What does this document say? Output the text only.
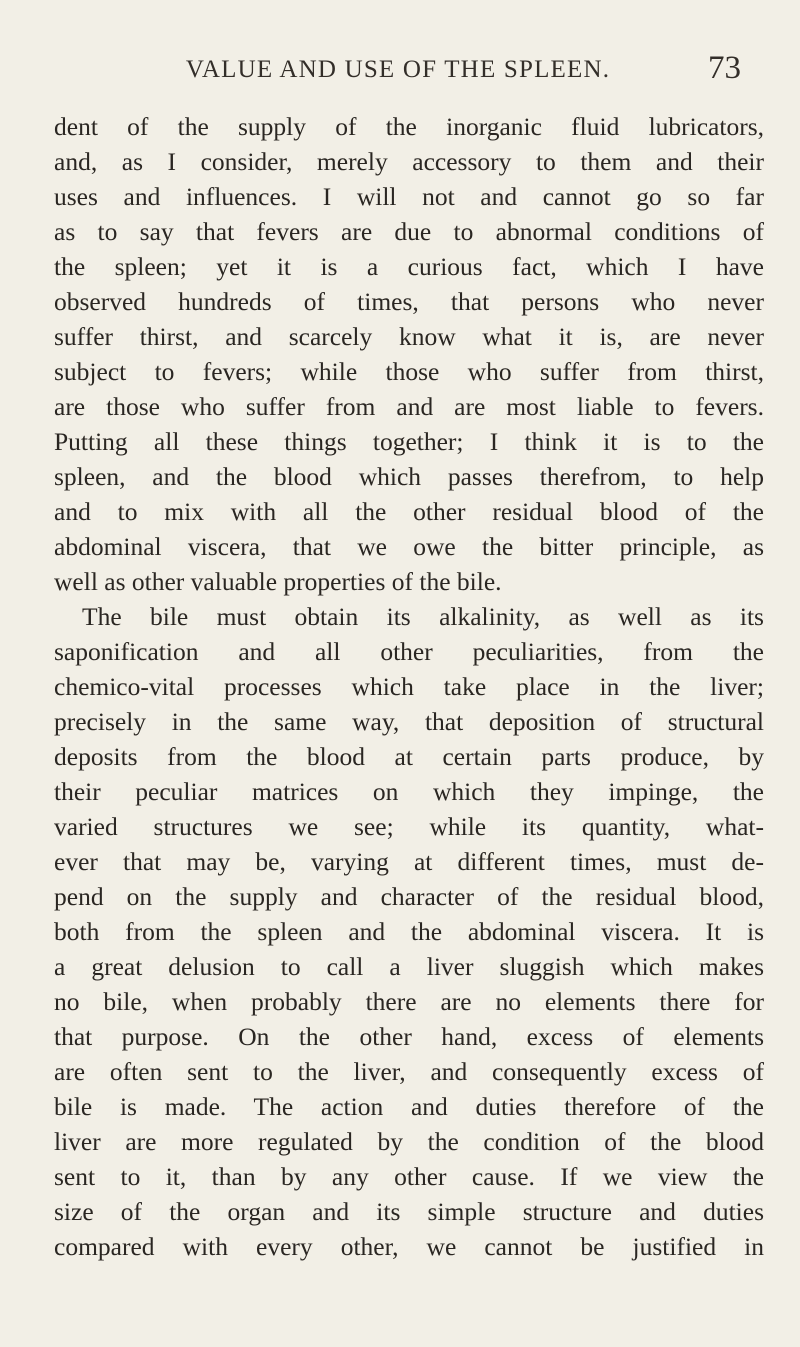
VALUE AND USE OF THE SPLEEN.	73
dent of the supply of the inorganic fluid lubricators,
and, as I consider, merely accessory to them and their
uses and influences. I will not and cannot go so far
as to say that fevers are due to abnormal conditions of
the spleen; yet it is a curious fact, which I have
observed hundreds of times, that persons who never
suffer thirst, and scarcely know what it is, are never
subject to fevers; while those who suffer from thirst,
are those who suffer from and are most liable to fevers.
Putting all these things together; I think it is to the
spleen, and the blood which passes therefrom, to help
and to mix with all the other residual blood of the
abdominal viscera, that we owe the bitter principle, as
well as other valuable properties of the bile.
The bile must obtain its alkalinity, as well as its
saponification and all other peculiarities, from the
chemico-vital processes which take place in the liver;
precisely in the same way, that deposition of structural
deposits from the blood at certain parts produce, by
their peculiar matrices on which they impinge, the
varied structures we see; while its quantity, what-
ever that may be, varying at different times, must de-
pend on the supply and character of the residual blood,
both from the spleen and the abdominal viscera. It is
a great delusion to call a liver sluggish which makes
no bile, when probably there are no elements there for
that purpose. On the other hand, excess of elements
are often sent to the liver, and consequently excess of
bile is made. The action and duties therefore of the
liver are more regulated by the condition of the blood
sent to it, than by any other cause. If we view the
size of the organ and its simple structure and duties
compared with every other, we cannot be justified in
